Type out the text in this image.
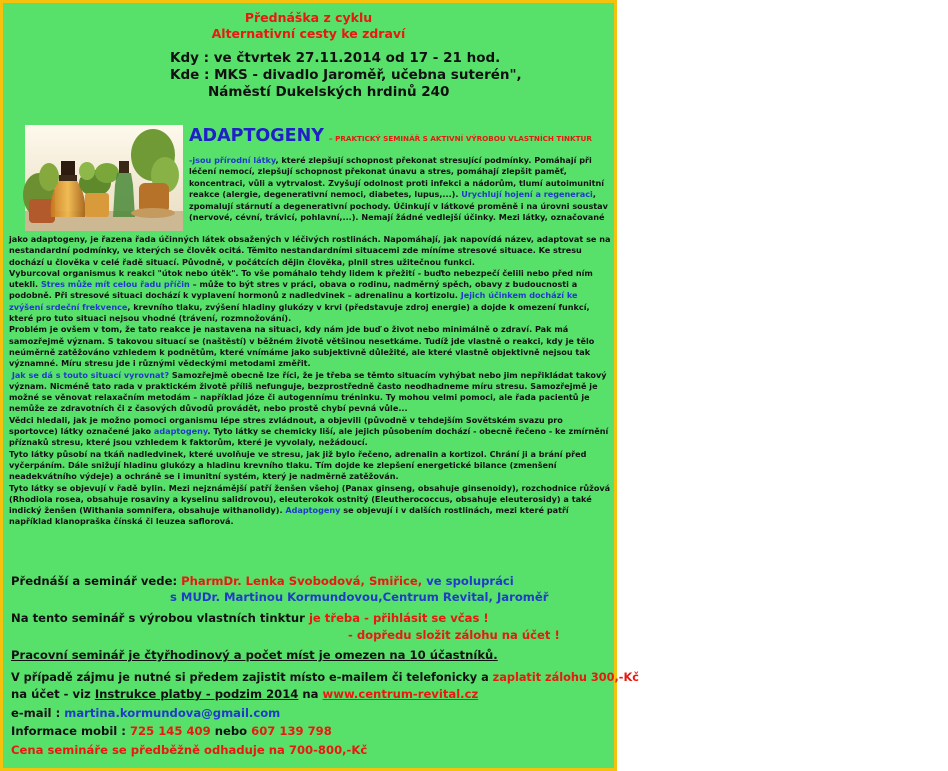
Přednáška z cyklu
Alternativní cesty ke zdraví
Kdy : ve čtvrtek 27.11.2014 od 17 - 21 hod.
Kde : MKS - divadlo Jaroměř, učebna suterén",
Náměstí Dukelských hrdinů 240
ADAPTOGENY – PRAKTICKÝ SEMINÁŘ S AKTIVNÍ VÝROBOU VLASTNÍCH TINKTUR
-jsou přírodní látky, které zlepšují schopnost překonat stresující podmínky. Pomáhají při léčení nemocí, zlepšují schopnost překonat únavu a stres, pomáhají zlepšit paměť, koncentraci, vůli a vytrvalost. Zvyšují odolnost proti infekci a nádorům, tlumí autoimunitní reakce (alergie, degenerativní nemoci, diabetes, lupus,...). Urychlují hojení a regeneraci, zpomalují stárnutí a degenerativní pochody. Účinkují v látkové proměně i na úrovni soustav (nervové, cévní, trávicí, pohlavní,...). Nemají žádné vedlejší účinky. Mezi látky, označované

jako adaptogeny, je řazena řada účinných látek obsažených v léčivých rostlinách. Napomáhají, jak napovídá název, adaptovat se na nestandardní podmínky, ve kterých se člověk ocitá. Těmito nestandardními situacemi zde míníme stresové situace. Ke stresu dochází u člověka v celé řadě situací. Původně, v počátcích dějin člověka, plnil stres užitečnou funkci.

Vyburcoval organismus k reakci "útok nebo útěk". To vše pomáhalo tehdy lidem k přežití - buďto nebezpečí čelili nebo před ním utekli. Stres může mít celou řadu příčin – může to být stres v práci, obava o rodinu, nadměrný spěch, obavy z budoucnosti a podobně. Při stresové situaci dochází k vyplavení hormonů z nadledvinek – adrenalinu a kortizolu. Jejich účinkem dochází ke zvýšení srdeční frekvence, krevního tlaku, zvýšení hladiny glukózy v krvi (představuje zdroj energie) a dojde k omezení funkcí, které pro tuto situaci nejsou vhodné (trávení, rozmnožování).

Problém je ovšem v tom, že tato reakce je nastavena na situaci, kdy nám jde buď o život nebo minimálně o zdraví. Pak má samozřejmě význam. S takovou situací se (naštěstí) v běžném životě většinou nesetkáme. Tudíž jde vlastně o reakci, kdy je tělo neúměrně zatěžováno vzhledem k podnětům, které vnímáme jako subjektivně důležité, ale které vlastně objektivně nejsou tak významné. Míru stresu jde i různými vědeckými metodami změřit.

Jak se dá s touto situací vyrovnat? Samozřejmě obecně lze říci, že je třeba se těmto situacím vyhýbat nebo jim nepřikládat takový význam. Nicméně tato rada v praktickém životě příliš nefunguje, bezprostředně často neodhadneme míru stresu. Samozřejmě je možné se věnovat relaxačním metodám – například józe či autogennímu tréninku. Ty mohou velmi pomoci, ale řada pacientů je nemůže ze zdravotních či z časových důvodů provádět, nebo prostě chybí pevná vůle...

Vědci hledali, jak je možno pomoci organismu lépe stres zvládnout, a objevili (původně v tehdejším Sovětském svazu pro sportovce) látky označené jako adaptogeny. Tyto látky se chemicky liší, ale jejich působením dochází - obecně řečeno - ke zmírnění příznaků stresu, které jsou vzhledem k faktorům, které je vyvolaly, nežádoucí.

Tyto látky působí na tkáň nadledvinek, které uvolňuje ve stresu, jak již bylo řečeno, adrenalin a kortizol. Chrání ji a brání před vyčerpáním. Dále snižují hladinu glukózy a hladinu krevního tlaku. Tím dojde ke zlepšení energetické bilance (zmenšení neadekvátního výdeje) a ochráně se i imunitní systém, který je nadměrně zatěžován.

Tyto látky se objevují v řadě bylin. Mezi nejznámější patří ženšen všehoj (Panax ginseng, obsahuje ginsenoidy), rozchodnice růžová (Rhodiola rosea, obsahuje rosaviny a kyselinu salidrovou), eleuterokok ostnitý (Eleutherococcus, obsahuje eleuterosidy) a také indický ženšen (Withania somnifera, obsahuje withanolidy). Adaptogeny se objevují i v dalších rostlinách, mezi které patří například klanopraška čínská či leuzea saflorová.

Přednáší a seminář vede: PharmDr. Lenka Svobodová, Smiřice, ve spolupráci
s MUDr. Martinou Kormundovou,Centrum Revital, Jaroměř
Na tento seminář s výrobou vlastních tinktur je třeba - přihlásit se včas !
- dopředu složit zálohu na účet !
Pracovní seminář je čtyřhodinový a počet míst je omezen na 10 účastníků.
V případě zájmu je nutné si předem zajistit místo e-mailem či telefonicky a zaplatit zálohu 300,-Kč
na účet - viz Instrukce platby - podzim 2014 na www.centrum-revital.cz
e-mail : martina.kormundova@gmail.com
Informace mobil : 725 145 409 nebo 607 139 798
Cena semináře se předběžně odhaduje na 700-800,-Kč
